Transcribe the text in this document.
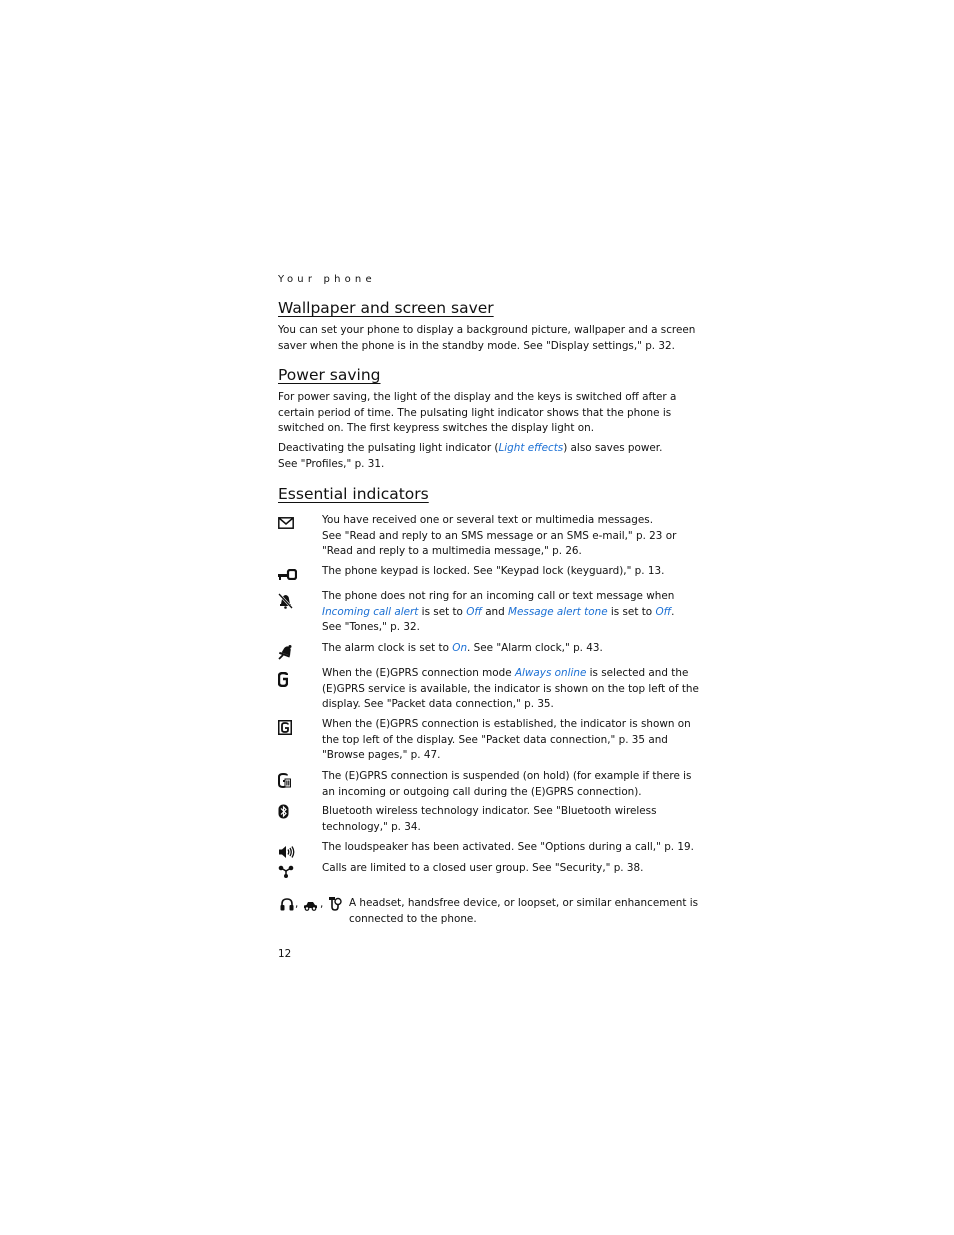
Your phone
Wallpaper and screen saver
You can set your phone to display a background picture, wallpaper and a screen
saver when the phone is in the standby mode. See "Display settings," p. 32.
Power saving
For power saving, the light of the display and the keys is switched off after a
certain period of time. The pulsating light indicator shows that the phone is
switched on. The first keypress switches the display light on.
Deactivating the pulsating light indicator (Light effects) also saves power.
See "Profiles," p. 31.
Essential indicators
You have received one or several text or multimedia messages.
See "Read and reply to an SMS message or an SMS e-mail," p. 23 or
"Read and reply to a multimedia message," p. 26.
The phone keypad is locked. See "Keypad lock (keyguard)," p. 13.
The phone does not ring for an incoming call or text message when
Incoming call alert is set to Off and Message alert tone is set to Off.
See "Tones," p. 32.
The alarm clock is set to On. See "Alarm clock," p. 43.
When the (E)GPRS connection mode Always online is selected and the
(E)GPRS service is available, the indicator is shown on the top left of the
display. See "Packet data connection," p. 35.
When the (E)GPRS connection is established, the indicator is shown on
the top left of the display. See "Packet data connection," p. 35 and
"Browse pages," p. 47.
The (E)GPRS connection is suspended (on hold) (for example if there is
an incoming or outgoing call during the (E)GPRS connection).
Bluetooth wireless technology indicator. See "Bluetooth wireless
technology," p. 34.
The loudspeaker has been activated. See "Options during a call," p. 19.
Calls are limited to a closed user group. See "Security," p. 38.
, , A headset, handsfree device, or loopset, or similar enhancement is
connected to the phone.
12
